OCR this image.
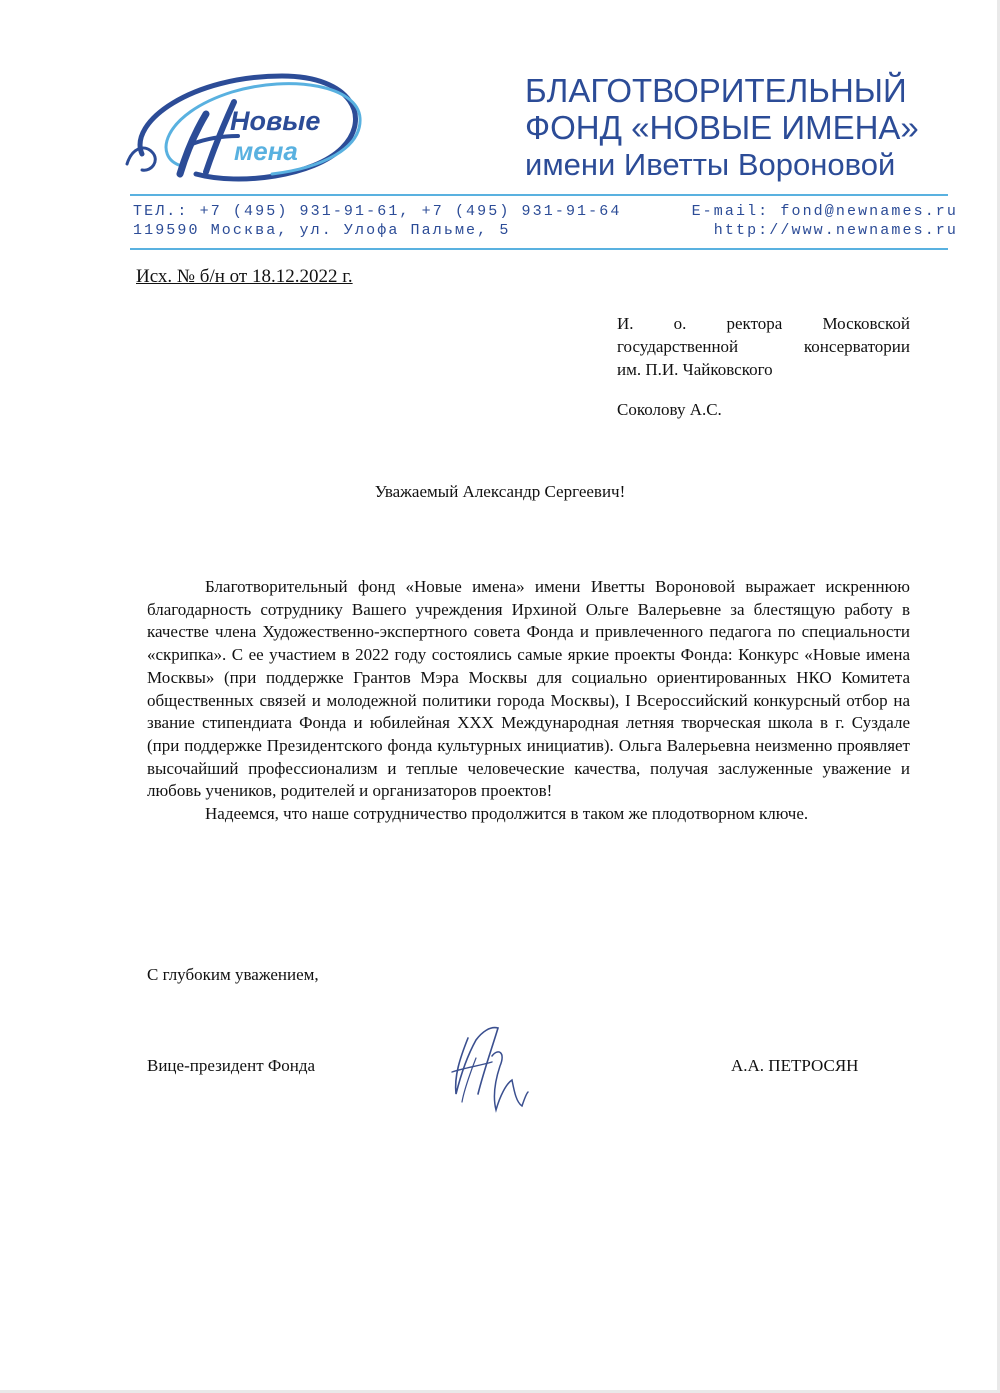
Новые
мена
БЛАГОТВОРИТЕЛЬНЫЙ
ФОНД «НОВЫЕ ИМЕНА»
имени Иветты Вороновой
ТЕЛ.: +7 (495) 931-91-61, +7 (495) 931-91-64	E-mail: fond@newnames.ru
119590 Москва, ул. Улофа Пальме, 5	http://www.newnames.ru
Исх. № б/н от 18.12.2022 г.
И. о. ректора Московской
государственной консерватории
им. П.И. Чайковского
Соколову А.С.
Уважаемый Александр Сергеевич!

Благотворительный фонд «Новые имена» имени Иветты Вороновой выражает искреннюю благодарность сотруднику Вашего учреждения Ирхиной Ольге Валерьевне за блестящую работу в качестве члена Художественно-экспертного совета Фонда и привлеченного педагога по специальности «скрипка». С ее участием в 2022 году состоялись самые яркие проекты Фонда: Конкурс «Новые имена Москвы» (при поддержке Грантов Мэра Москвы для социально ориентированных НКО Комитета общественных связей и молодежной политики города Москвы), I Всероссийский конкурсный отбор на звание стипендиата Фонда и юбилейная XXX Международная летняя творческая школа в г. Суздале (при поддержке Президентского фонда культурных инициатив). Ольга Валерьевна неизменно проявляет высочайший профессионализм и теплые человеческие качества, получая заслуженные уважение и любовь учеников, родителей и организаторов проектов!

Надеемся, что наше сотрудничество продолжится в таком же плодотворном ключе.

С глубоким уважением,
Вице-президент Фонда	А.А. ПЕТРОСЯН
